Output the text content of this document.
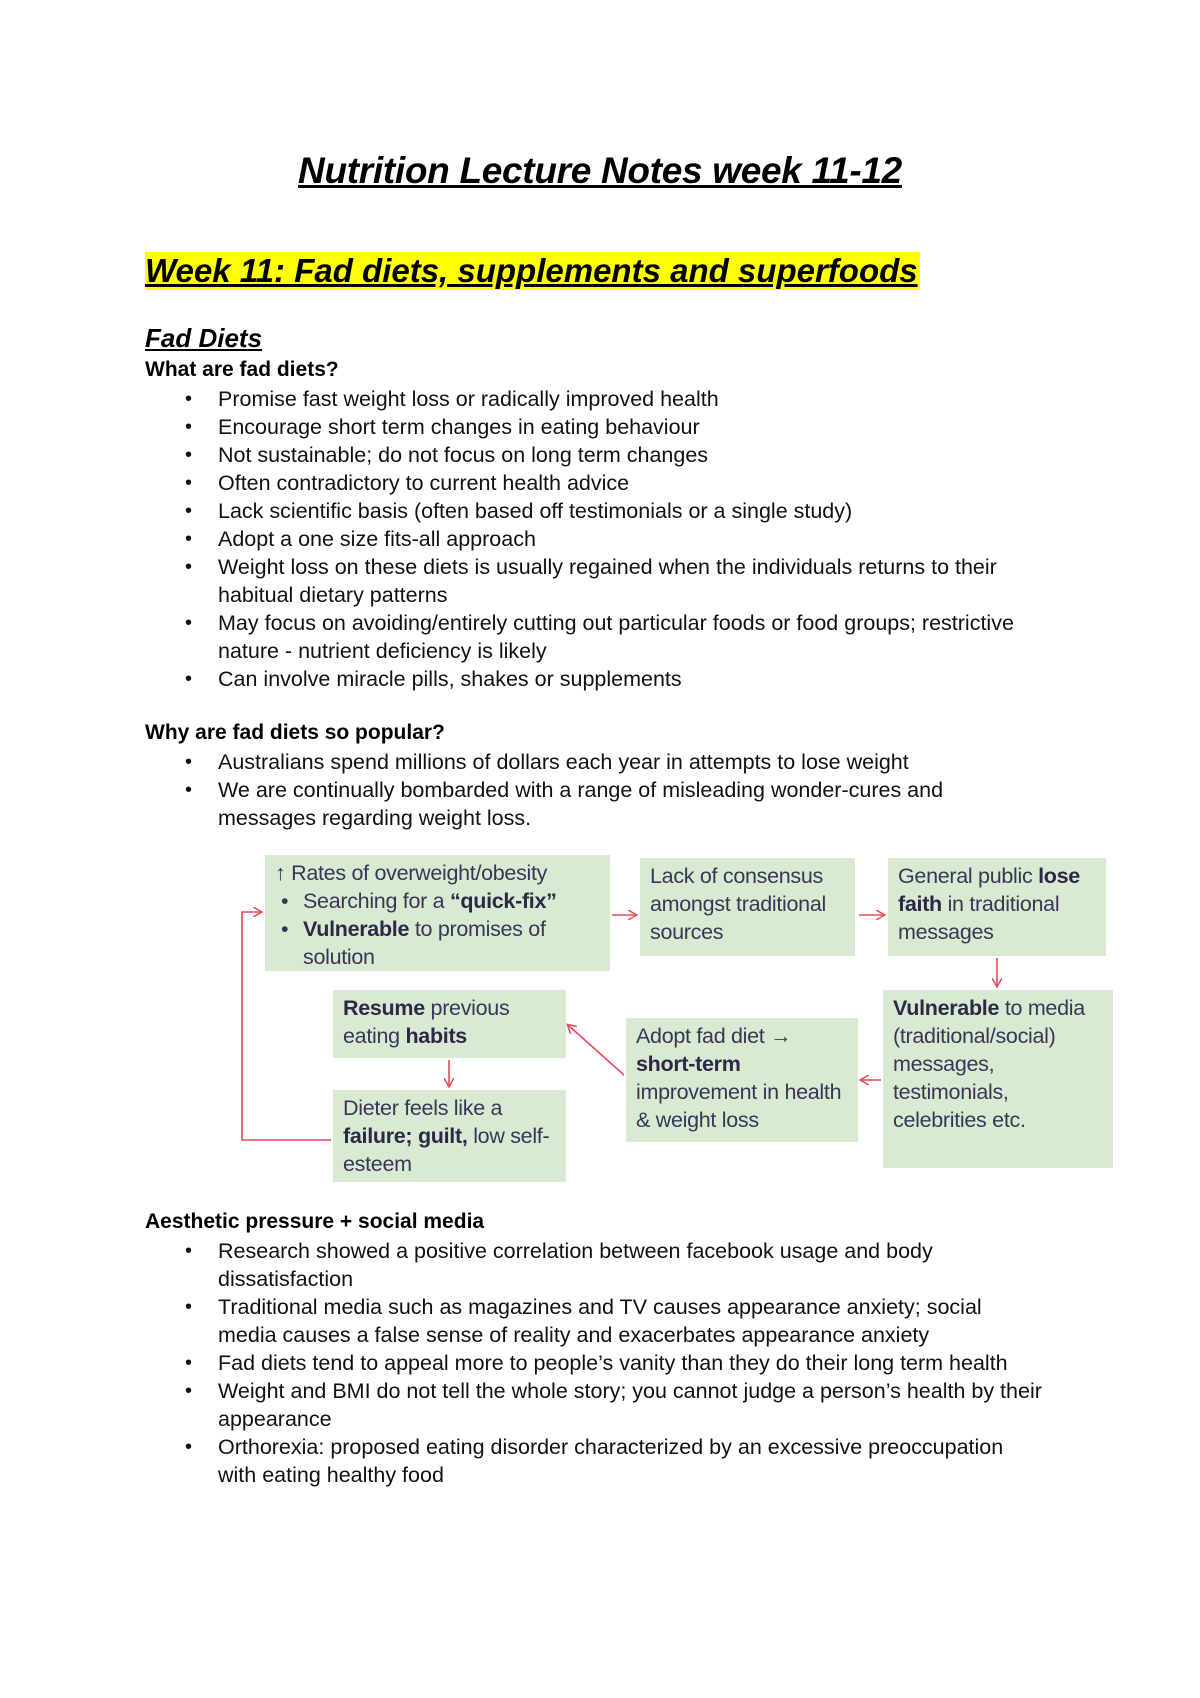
Nutrition Lecture Notes week 11-12
Week 11: Fad diets, supplements and superfoods
Fad Diets
What are fad diets?
• Promise fast weight loss or radically improved health
• Encourage short term changes in eating behaviour
• Not sustainable; do not focus on long term changes
• Often contradictory to current health advice
• Lack scientific basis (often based off testimonials or a single study)
• Adopt a one size fits-all approach
• Weight loss on these diets is usually regained when the individuals returns to their habitual dietary patterns
• May focus on avoiding/entirely cutting out particular foods or food groups; restrictive nature - nutrient deficiency is likely
• Can involve miracle pills, shakes or supplements
Why are fad diets so popular?
• Australians spend millions of dollars each year in attempts to lose weight
• We are continually bombarded with a range of misleading wonder-cures and messages regarding weight loss.
↑ Rates of overweight/obesity
• Searching for a “quick-fix”
• Vulnerable to promises of
solution
Lack of consensus amongst traditional sources
General public lose faith in traditional messages
Vulnerable to media (traditional/social) messages, testimonials, celebrities etc.
Adopt fad diet → short-term improvement in health & weight loss
Resume previous eating habits
Dieter feels like a failure; guilt, low self-esteem
Aesthetic pressure + social media
• Research showed a positive correlation between facebook usage and body dissatisfaction
• Traditional media such as magazines and TV causes appearance anxiety; social media causes a false sense of reality and exacerbates appearance anxiety
• Fad diets tend to appeal more to people’s vanity than they do their long term health
• Weight and BMI do not tell the whole story; you cannot judge a person’s health by their appearance
• Orthorexia: proposed eating disorder characterized by an excessive preoccupation with eating healthy food
